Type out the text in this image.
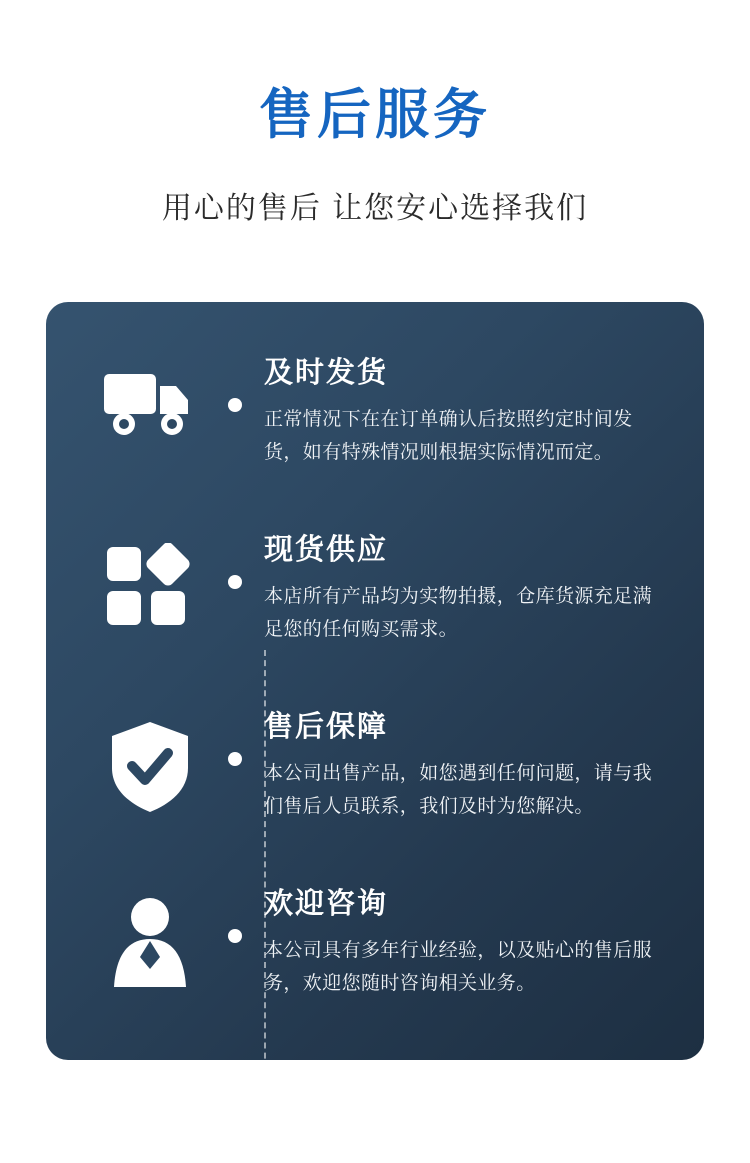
售后服务
用心的售后 让您安心选择我们
及时发货

正常情况下在在订单确认后按照约定时间发货，如有特殊情况则根据实际情况而定。

现货供应

本店所有产品均为实物拍摄，仓库货源充足满足您的任何购买需求。

售后保障

本公司出售产品，如您遇到任何问题，请与我们售后人员联系，我们及时为您解决。

欢迎咨询

本公司具有多年行业经验，以及贴心的售后服务，欢迎您随时咨询相关业务。
